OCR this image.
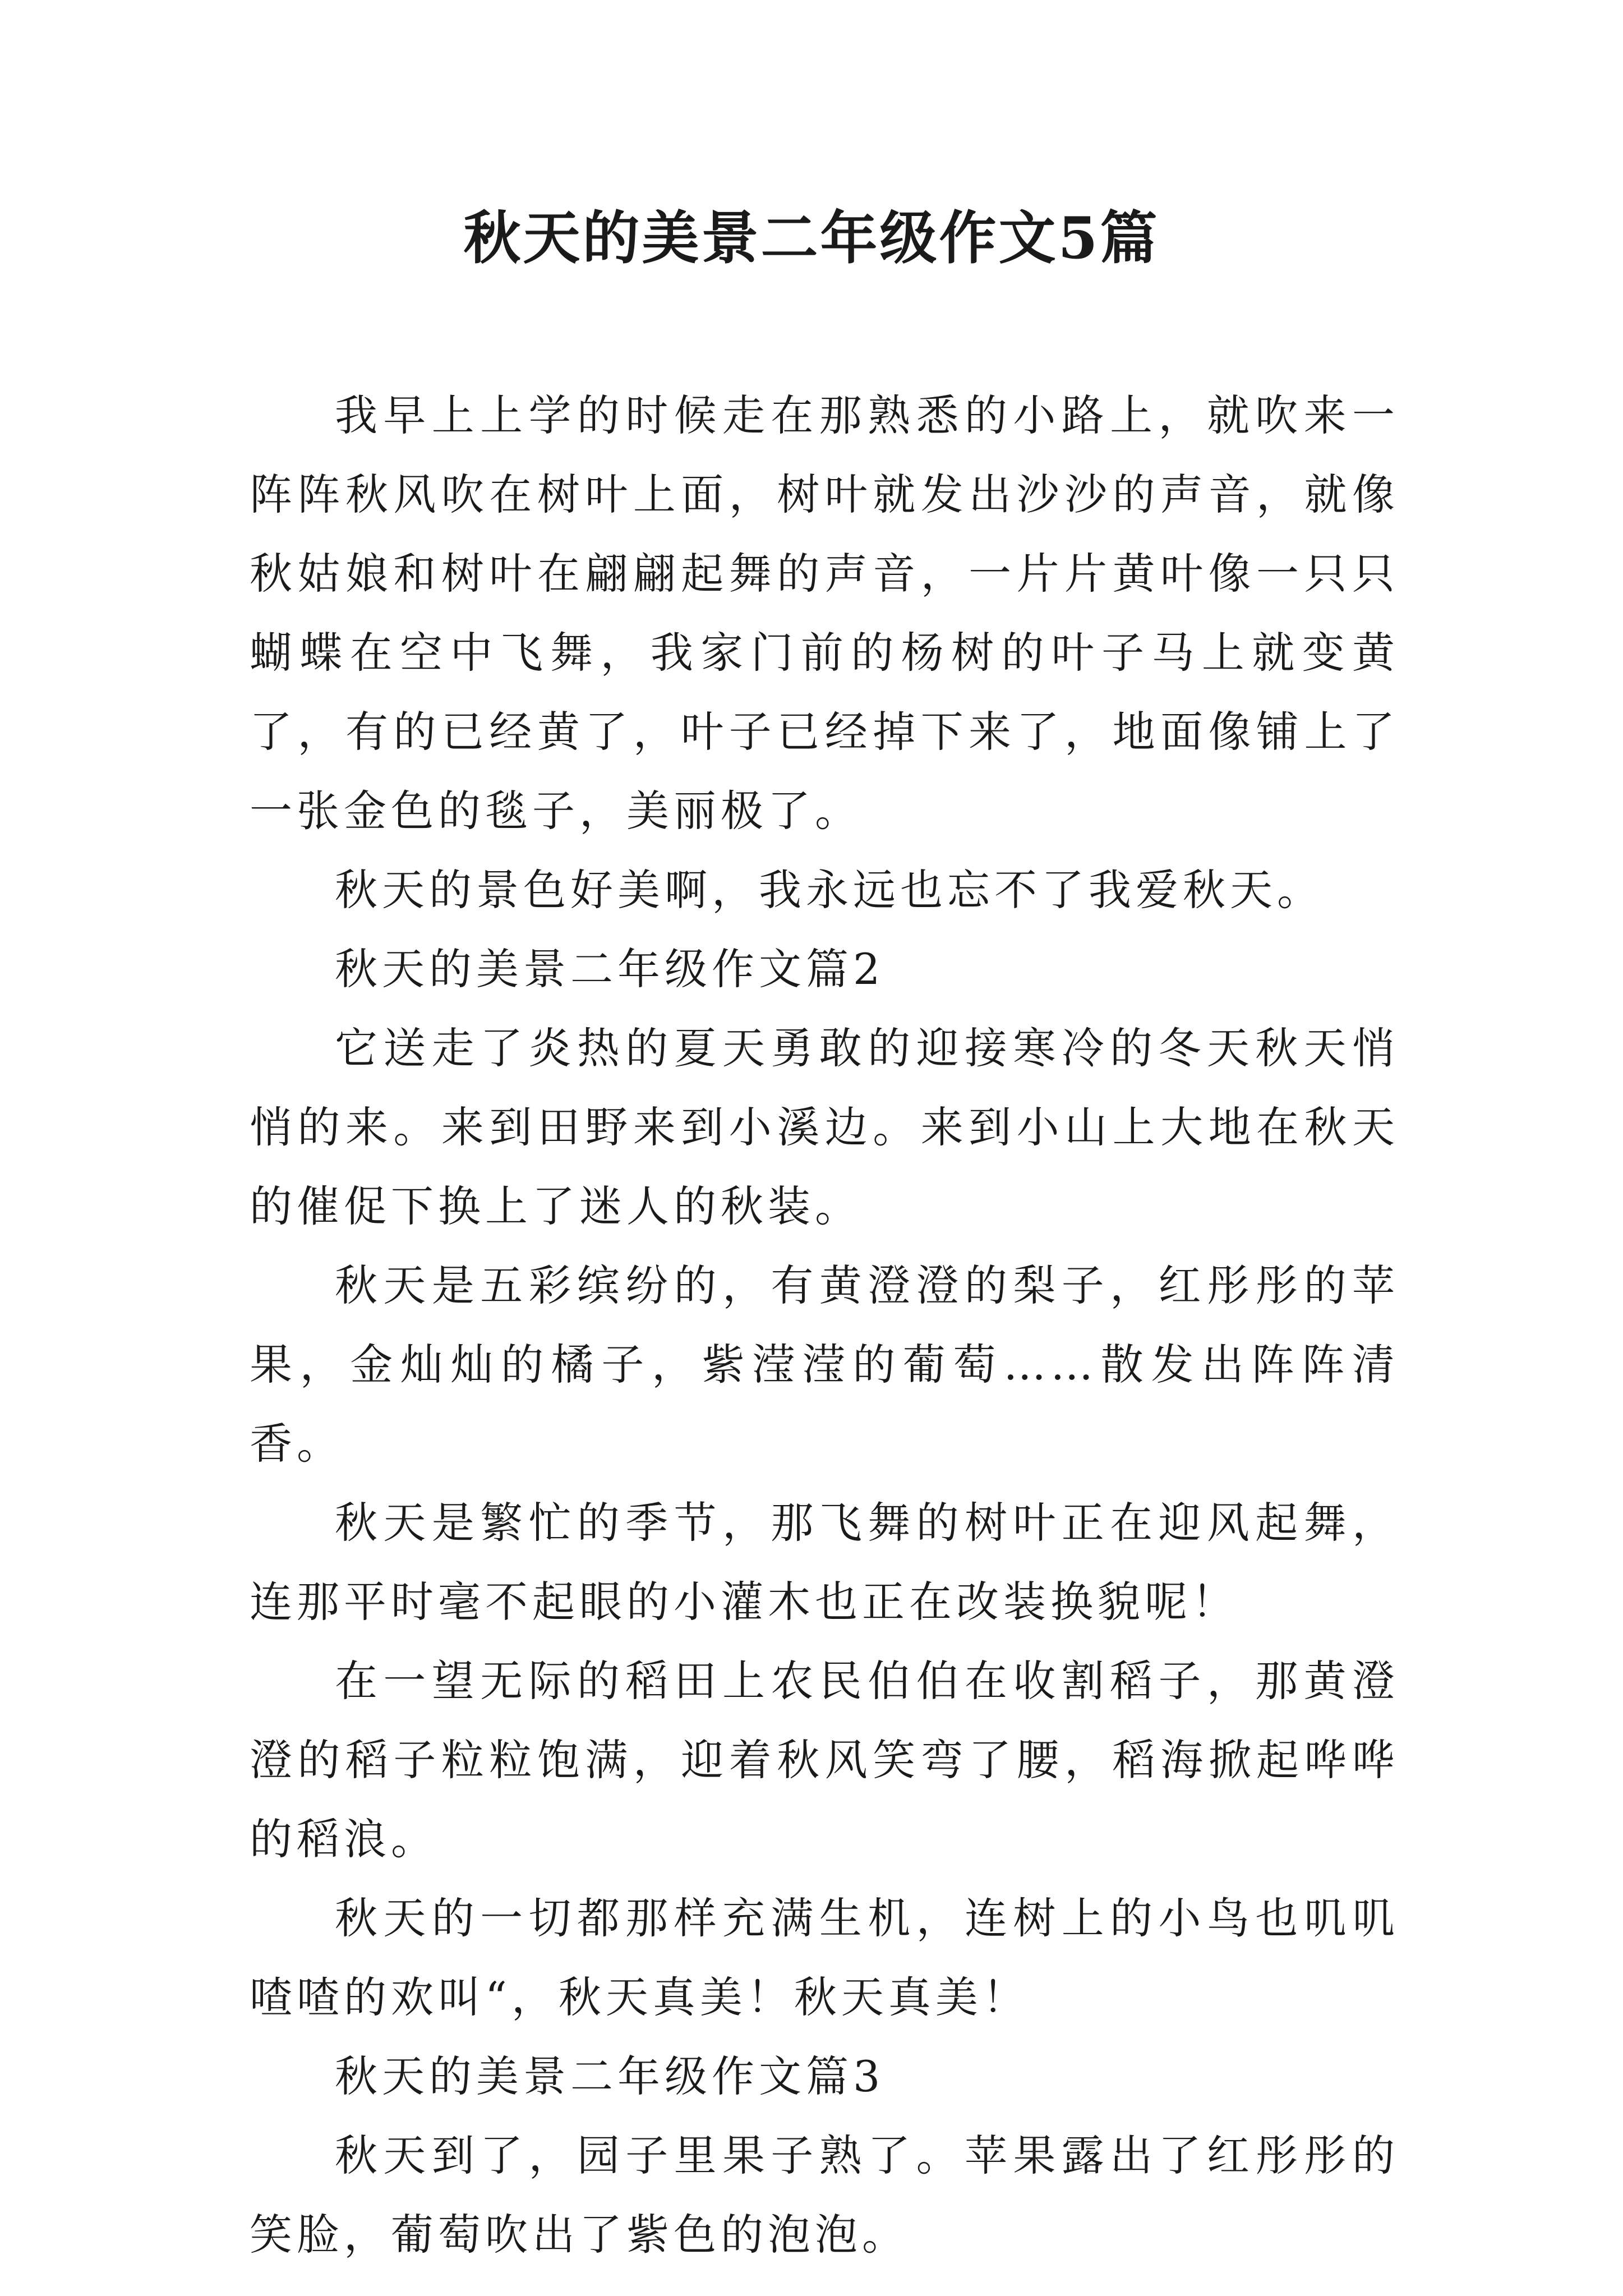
秋天的美景二年级作文5篇

我早上上学的时候走在那熟悉的小路上，就吹来一阵阵秋风吹在树叶上面，树叶就发出沙沙的声音，就像秋姑娘和树叶在翩翩起舞的声音，一片片黄叶像一只只蝴蝶在空中飞舞，我家门前的杨树的叶子马上就变黄了，有的已经黄了，叶子已经掉下来了，地面像铺上了一张金色的毯子，美丽极了。

秋天的景色好美啊，我永远也忘不了我爱秋天。

秋天的美景二年级作文篇2

它送走了炎热的夏天勇敢的迎接寒冷的冬天秋天悄悄的来。来到田野来到小溪边。来到小山上大地在秋天的催促下换上了迷人的秋装。

秋天是五彩缤纷的，有黄澄澄的梨子，红彤彤的苹果，金灿灿的橘子，紫滢滢的葡萄……散发出阵阵清香。

秋天是繁忙的季节，那飞舞的树叶正在迎风起舞，连那平时毫不起眼的小灌木也正在改装换貌呢！

在一望无际的稻田上农民伯伯在收割稻子，那黄澄澄的稻子粒粒饱满，迎着秋风笑弯了腰，稻海掀起哗哗的稻浪。

秋天的一切都那样充满生机，连树上的小鸟也叽叽喳喳的欢叫“，秋天真美！秋天真美！

秋天的美景二年级作文篇3

秋天到了，园子里果子熟了。苹果露出了红彤彤的笑脸，葡萄吹出了紫色的泡泡。
